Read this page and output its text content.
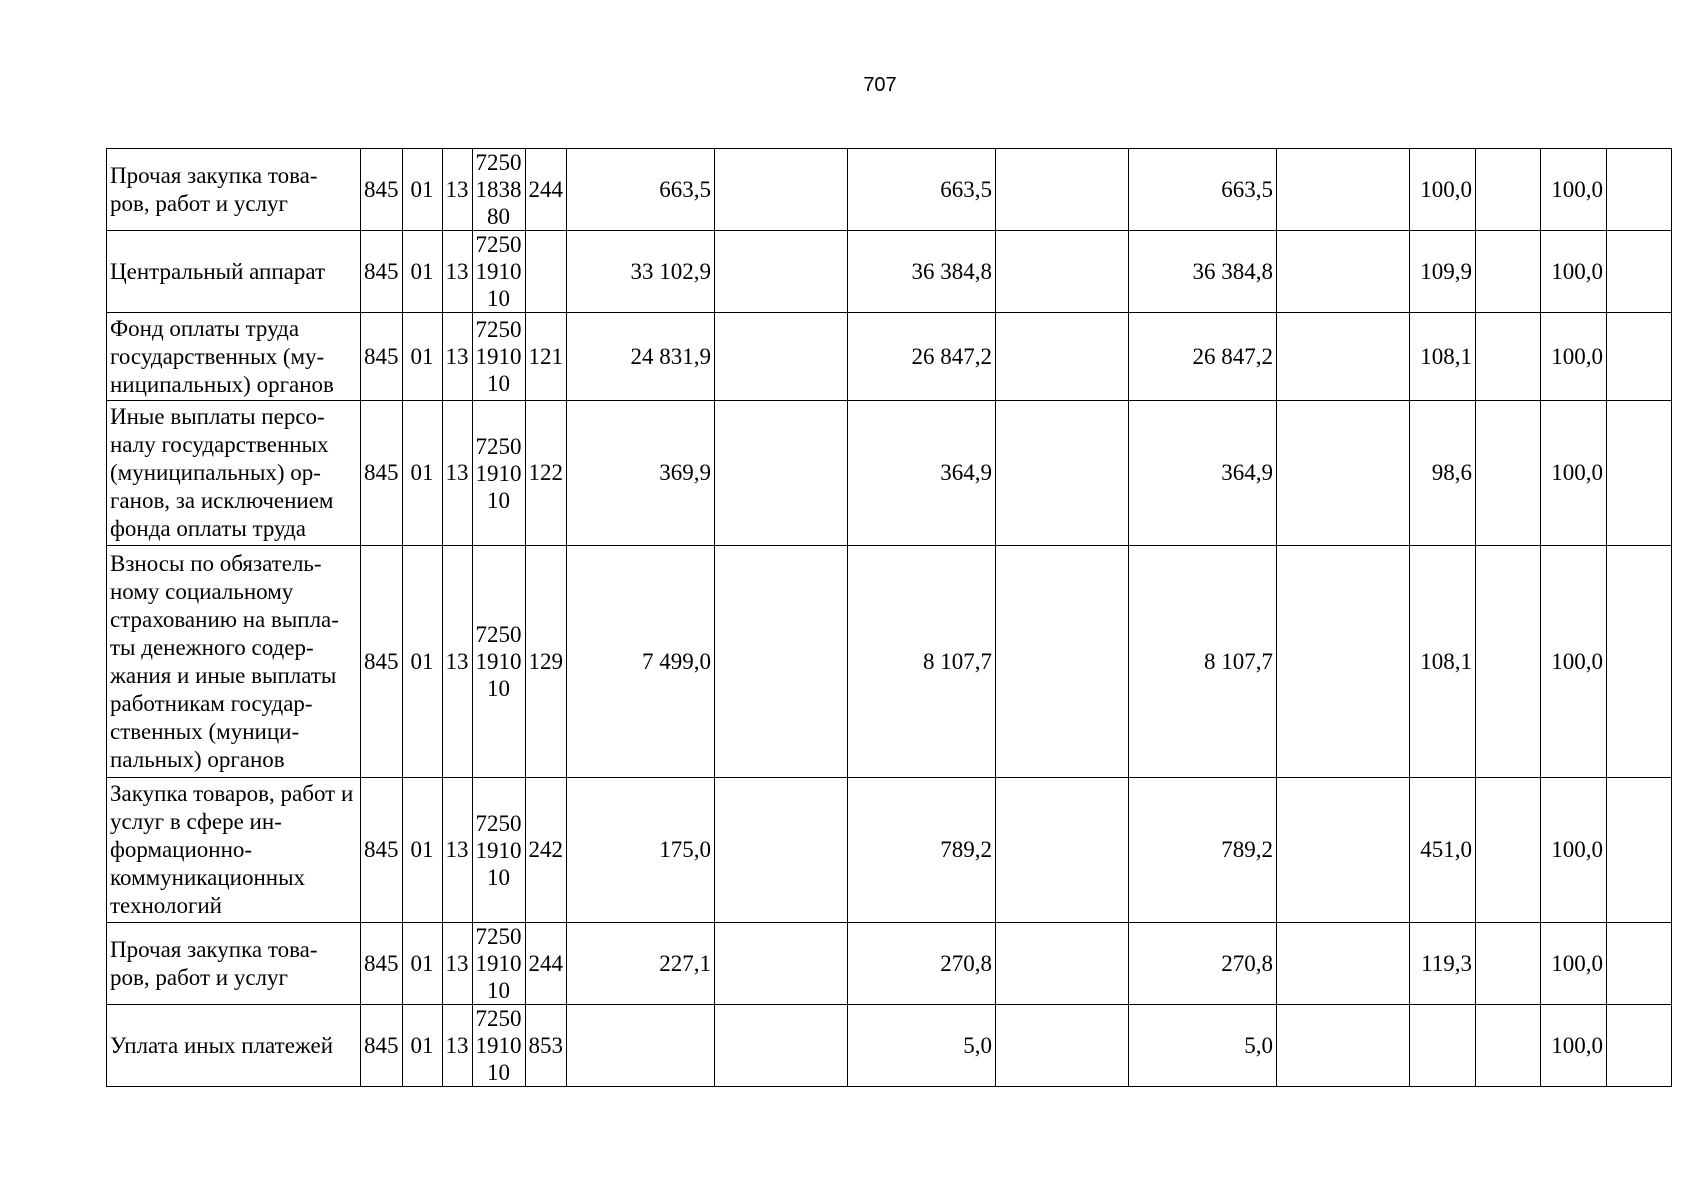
707
Прочая закупка това-ров, работ и услуг	845	01	13	7250
1838
80	244	663,5		663,5		663,5		100,0		100,0	
Центральный аппарат	845	01	13	7250
1910
10		33 102,9		36 384,8		36 384,8		109,9		100,0	
Фонд оплаты труда государственных (му-ниципальных) органов	845	01	13	7250
1910
10	121	24 831,9		26 847,2		26 847,2		108,1		100,0	
Иные выплаты персо-налу государственных (муниципальных) ор-ганов, за исключением фонда оплаты труда	845	01	13	7250
1910
10	122	369,9		364,9		364,9		98,6		100,0	
Взносы по обязатель-ному социальному страхованию на выпла-ты денежного содер-жания и иные выплаты работникам государ-ственных (муници-пальных) органов	845	01	13	7250
1910
10	129	7 499,0		8 107,7		8 107,7		108,1		100,0	
Закупка товаров, работ и услуг в сфере ин-формационно-коммуникационных технологий	845	01	13	7250
1910
10	242	175,0		789,2		789,2		451,0		100,0	
Прочая закупка това-ров, работ и услуг	845	01	13	7250
1910
10	244	227,1		270,8		270,8		119,3		100,0	
Уплата иных платежей	845	01	13	7250
1910
10	853			5,0		5,0				100,0	
